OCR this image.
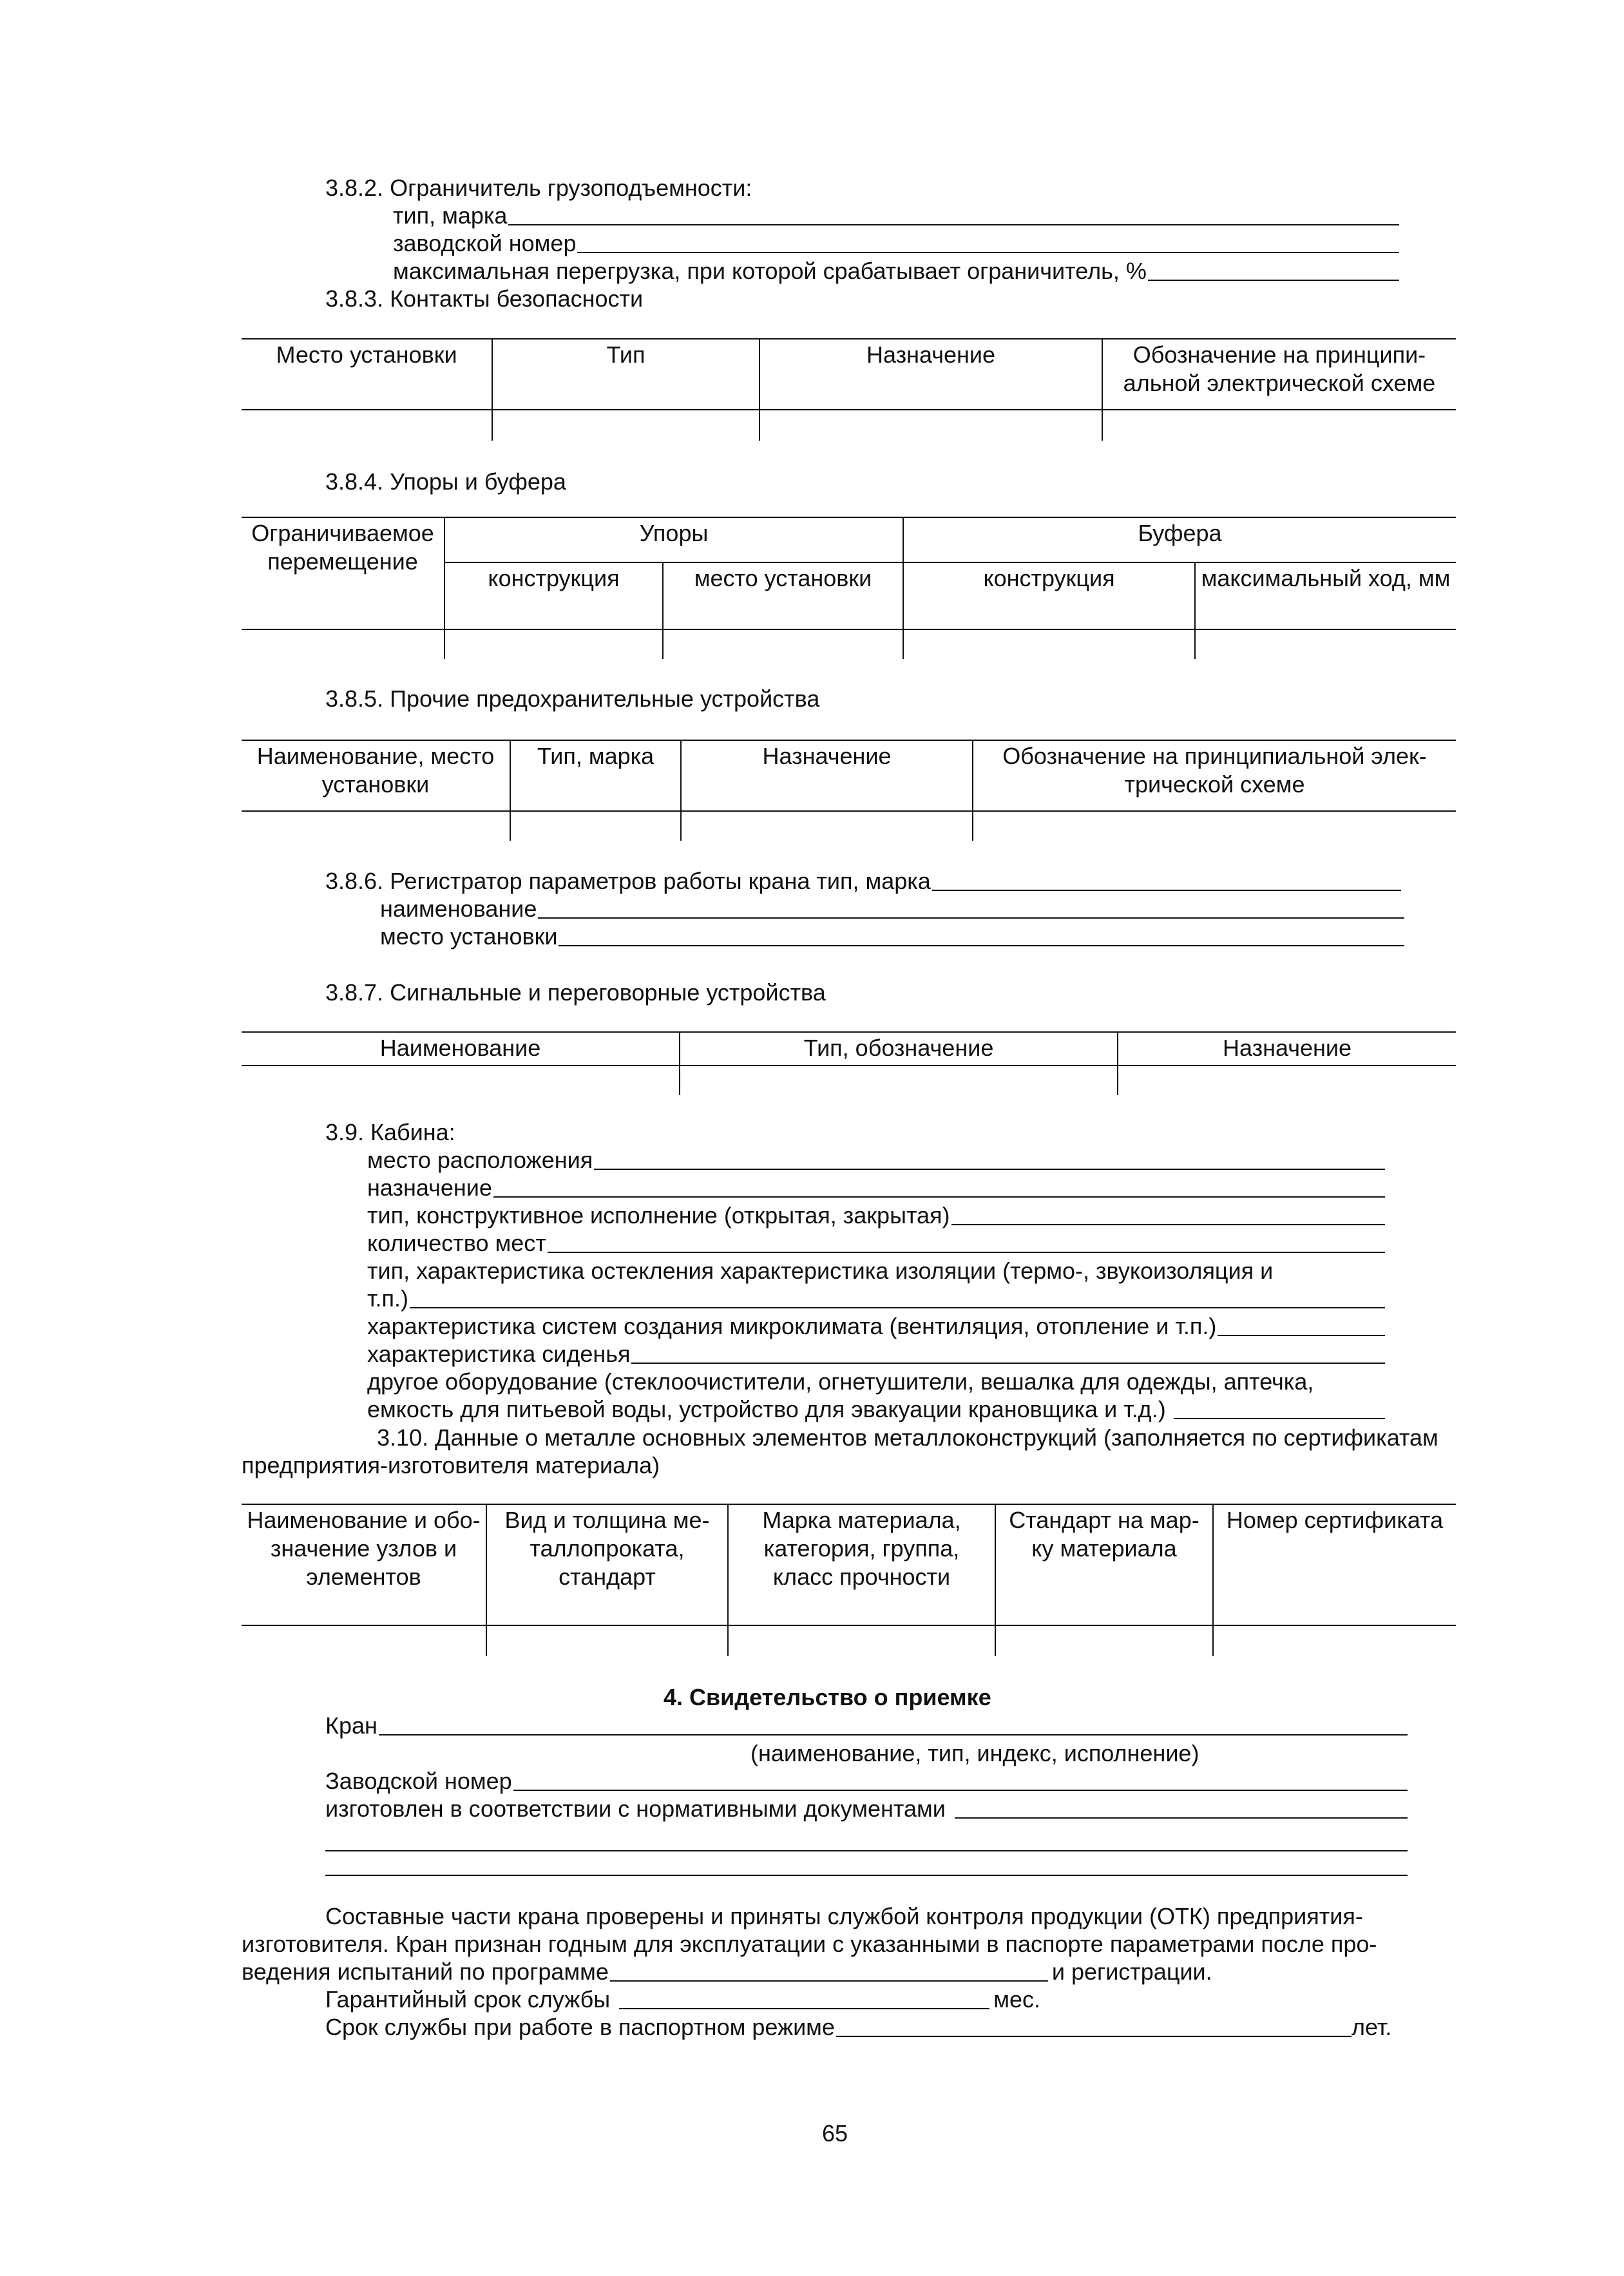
3.8.2. Ограничитель грузоподъемности:
тип, марка
заводской номер
максимальная перегрузка, при которой срабатывает ограничитель, %
3.8.3. Контакты безопасности
Место установки	Тип	Назначение	Обозначение на принципи-альной электрической схеме

3.8.4. Упоры и буфера
Ограничиваемое перемещение	Упоры		Буфера	
	конструкция	место установки	конструкция	максимальный ход, мм

3.8.5. Прочие предохранительные устройства
Наименование, место установки	Тип, марка	Назначение	Обозначение на принципиальной элек-трической схеме

3.8.6. Регистратор параметров работы крана тип, марка
наименование
место установки
3.8.7. Сигнальные и переговорные устройства
Наименование	Тип, обозначение	Назначение

3.9. Кабина:
место расположения
назначение
тип, конструктивное исполнение (открытая, закрытая)
количество мест
тип, характеристика остекления характеристика изоляции (термо-, звукоизоляция и
т.п.)
характеристика систем создания микроклимата (вентиляция, отопление и т.п.)
характеристика сиденья
другое оборудование (стеклоочистители, огнетушители, вешалка для одежды, аптечка,
емкость для питьевой воды, устройство для эвакуации крановщика и т.д.)
3.10. Данные о металле основных элементов металлоконструкций (заполняется по сертификатам
предприятия-изготовителя материала)
Наименование и обо-значение узлов и элементов	Вид и толщина ме-таллопроката, стандарт	Марка материала, категория, группа, класс прочности	Стандарт на мар-ку материала	Номер сертификата

4. Свидетельство о приемке
Кран
(наименование, тип, индекс, исполнение)
Заводской номер
изготовлен в соответствии с нормативными документами
Составные части крана проверены и приняты службой контроля продукции (ОТК) предприятия-
изготовителя. Кран признан годным для эксплуатации с указанными в паспорте параметрами после про-
ведения испытаний по программе	и регистрации.
Гарантийный срок службы	мес.
Срок службы при работе в паспортном режиме	лет.
65
